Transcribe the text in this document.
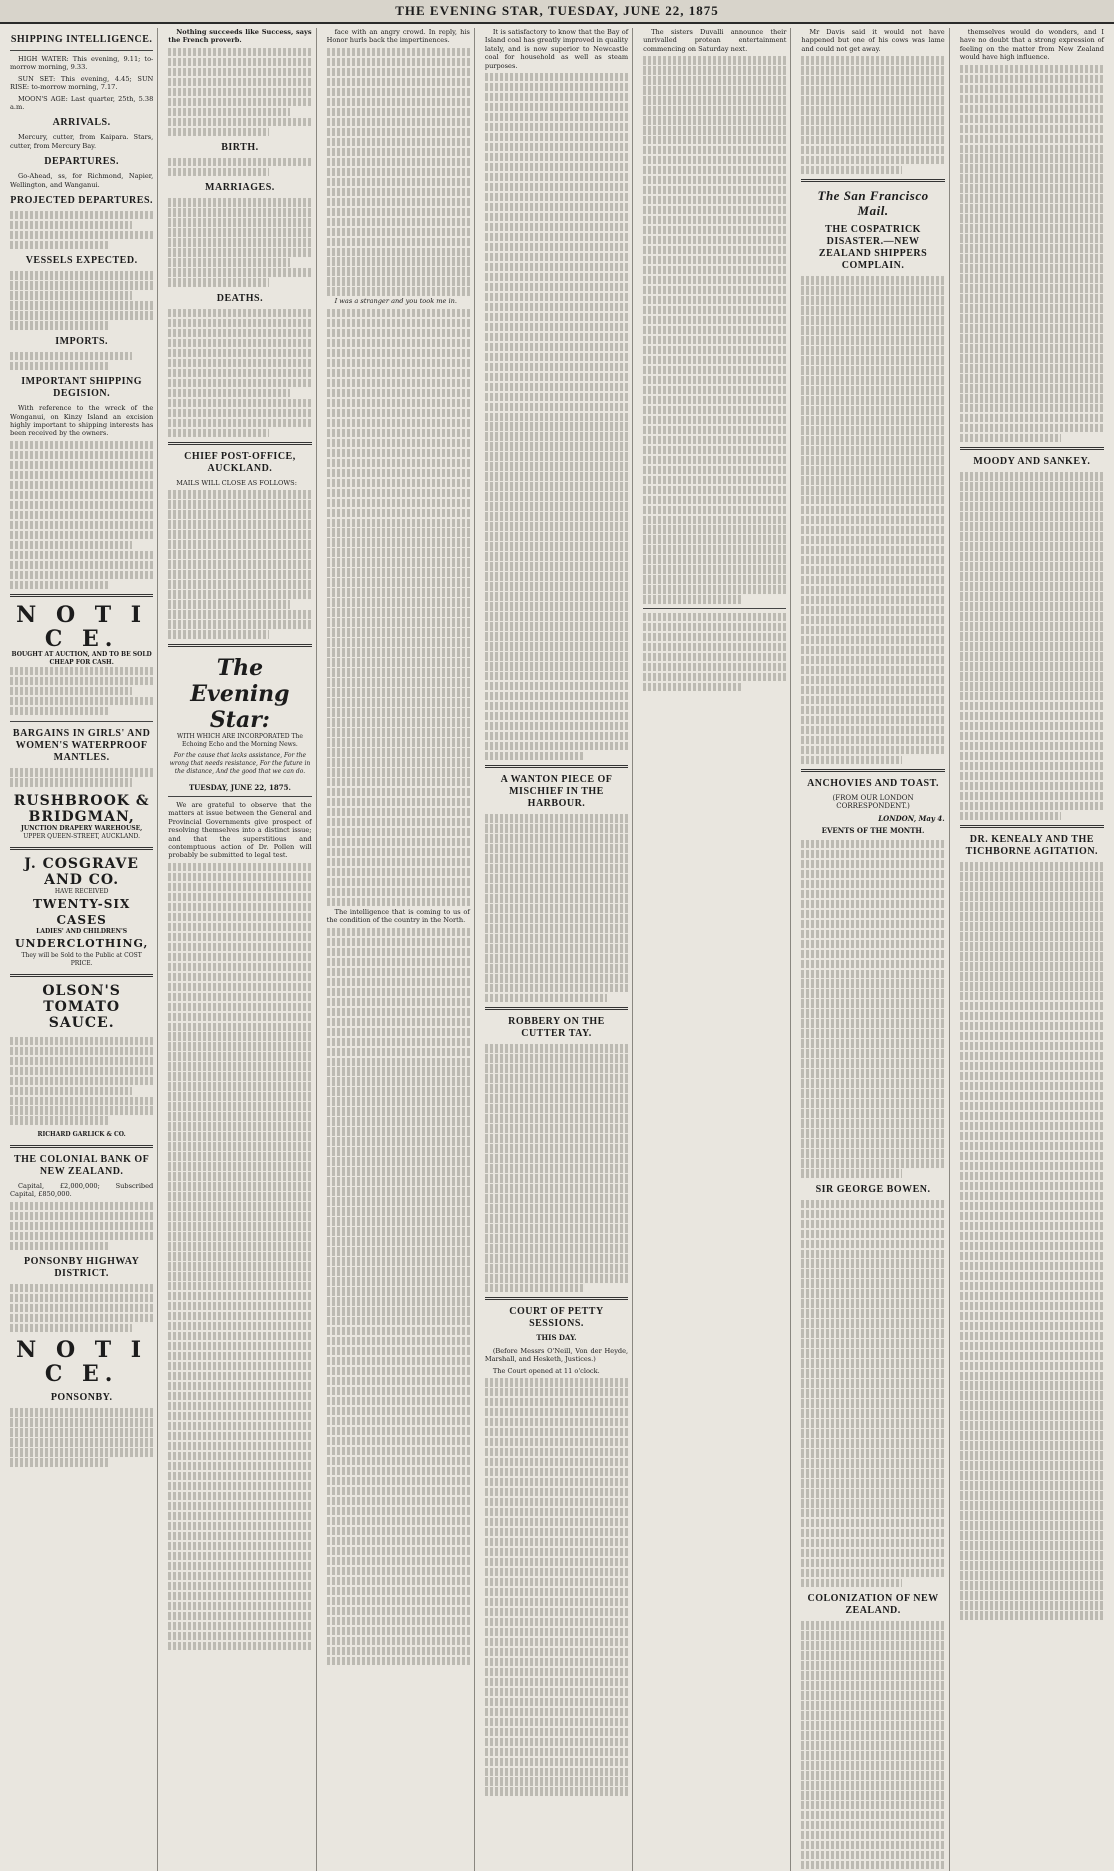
THE EVENING STAR, TUESDAY, JUNE 22, 1875
SHIPPING INTELLIGENCE.

HIGH WATER: This evening, 9.11; to-morrow morning, 9.33.

SUN SET: This evening, 4.45; SUN RISE: to-morrow morning, 7.17.

MOON'S AGE: Last quarter, 25th, 5.38 a.m.

ARRIVALS.

Mercury, cutter, from Kaipara. Stars, cutter, from Mercury Bay.

DEPARTURES.

Go-Ahead, ss, for Richmond, Napier, Wellington, and Wanganui.

PROJECTED DEPARTURES.
VESSELS EXPECTED.
IMPORTS.
IMPORTANT SHIPPING DEGISION.

With reference to the wreck of the Wonganui, on Kinzy Island an excision highly important to shipping interests has been received by the owners.

N O T I C E.
BOUGHT AT AUCTION, AND TO BE SOLD CHEAP FOR CASH.
BARGAINS IN GIRLS' AND WOMEN'S WATERPROOF MANTLES.
RUSHBROOK & BRIDGMAN,
JUNCTION DRAPERY WAREHOUSE,
UPPER QUEEN-STREET, AUCKLAND.
J. COSGRAVE AND CO.
HAVE RECEIVED
TWENTY-SIX CASES
LADIES' AND CHILDREN'S
UNDERCLOTHING,
They will be Sold to the Public at COST PRICE.
OLSON'S
TOMATO SAUCE.
RICHARD GARLICK & CO.
THE COLONIAL BANK OF NEW ZEALAND.

Capital, £2,000,000; Subscribed Capital, £850,000.

PONSONBY HIGHWAY DISTRICT.
N O T I C E.
PONSONBY.

Nothing succeeds like Success, says the French proverb.

BIRTH.
MARRIAGES.
DEATHS.
CHIEF POST-OFFICE, AUCKLAND.

MAILS WILL CLOSE AS FOLLOWS:

The Evening Star:
WITH WHICH ARE INCORPORATED The Echoing Echo and the Morning News.
For the cause that lacks assistance, For the wrong that needs resistance, For the future in the distance, And the good that we can do.
TUESDAY, JUNE 22, 1875.

We are grateful to observe that the matters at issue between the General and Provincial Governments give prospect of resolving themselves into a distinct issue; and that the superstitious and contemptuous action of Dr. Pollen will probably be submitted to legal test.

face with an angry crowd. In reply, his Honor hurls back the impertinences.

I was a stranger and you took me in.

The intelligence that is coming to us of the condition of the country in the North.

It is satisfactory to know that the Bay of Island coal has greatly improved in quality lately, and is now superior to Newcastle coal for household as well as steam purposes.

A WANTON PIECE OF MISCHIEF IN THE HARBOUR.
ROBBERY ON THE CUTTER TAY.
COURT OF PETTY SESSIONS.
THIS DAY.

(Before Messrs O'Neill, Von der Heyde, Marshall, and Hesketh, Justices.)

The Court opened at 11 o'clock.

The sisters Duvalli announce their unrivalled protean entertainment commencing on Saturday next.

Mr Davis said it would not have happened but one of his cows was lame and could not get away.

The San Francisco Mail.
THE COSPATRICK DISASTER.—NEW ZEALAND SHIPPERS COMPLAIN.
ANCHOVIES AND TOAST.
(FROM OUR LONDON CORRESPONDENT.)
LONDON, May 4.
EVENTS OF THE MONTH.
SIR GEORGE BOWEN.
COLONIZATION OF NEW ZEALAND.

themselves would do wonders, and I have no doubt that a strong expression of feeling on the matter from New Zealand would have high influence.

MOODY AND SANKEY.
DR. KENEALY AND THE TICHBORNE AGITATION.
